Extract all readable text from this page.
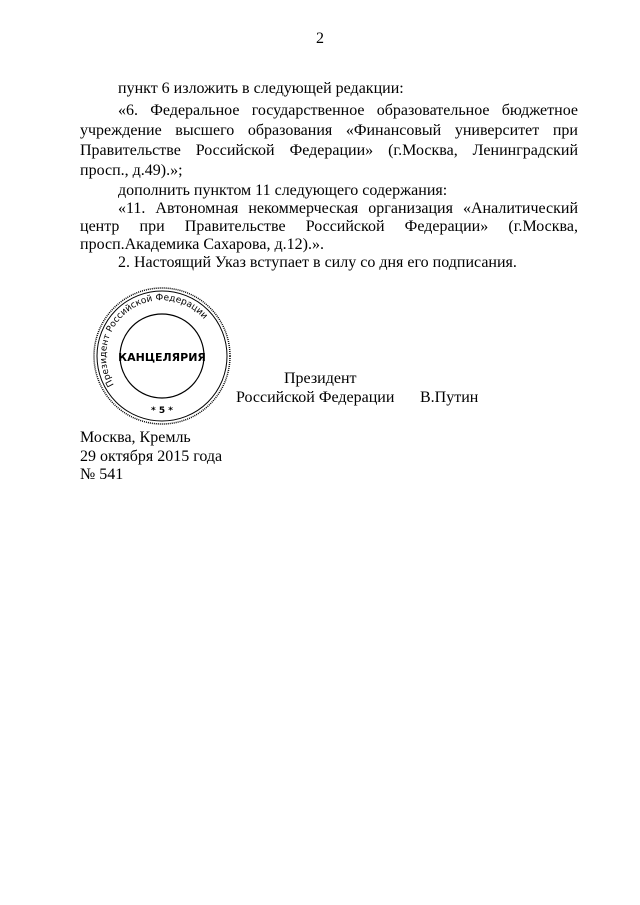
2
пункт 6 изложить в следующей редакции:
«6. Федеральное государственное образовательное бюджетное
учреждение высшего образования «Финансовый университет при
Правительстве Российской Федерации» (г.Москва, Ленинградский
просп., д.49).»;
дополнить пунктом 11 следующего содержания:
«11. Автономная некоммерческая организация «Аналитический
центр при Правительстве Российской Федерации» (г.Москва,
просп.Академика Сахарова, д.12).».
2. Настоящий Указ вступает в силу со дня его подписания.
Президент Российской Федерации
КАНЦЕЛЯРИЯ
* 5 *
Президент
Российской Федерации В.Путин
Москва, Кремль
29 октября 2015 года
№ 541
